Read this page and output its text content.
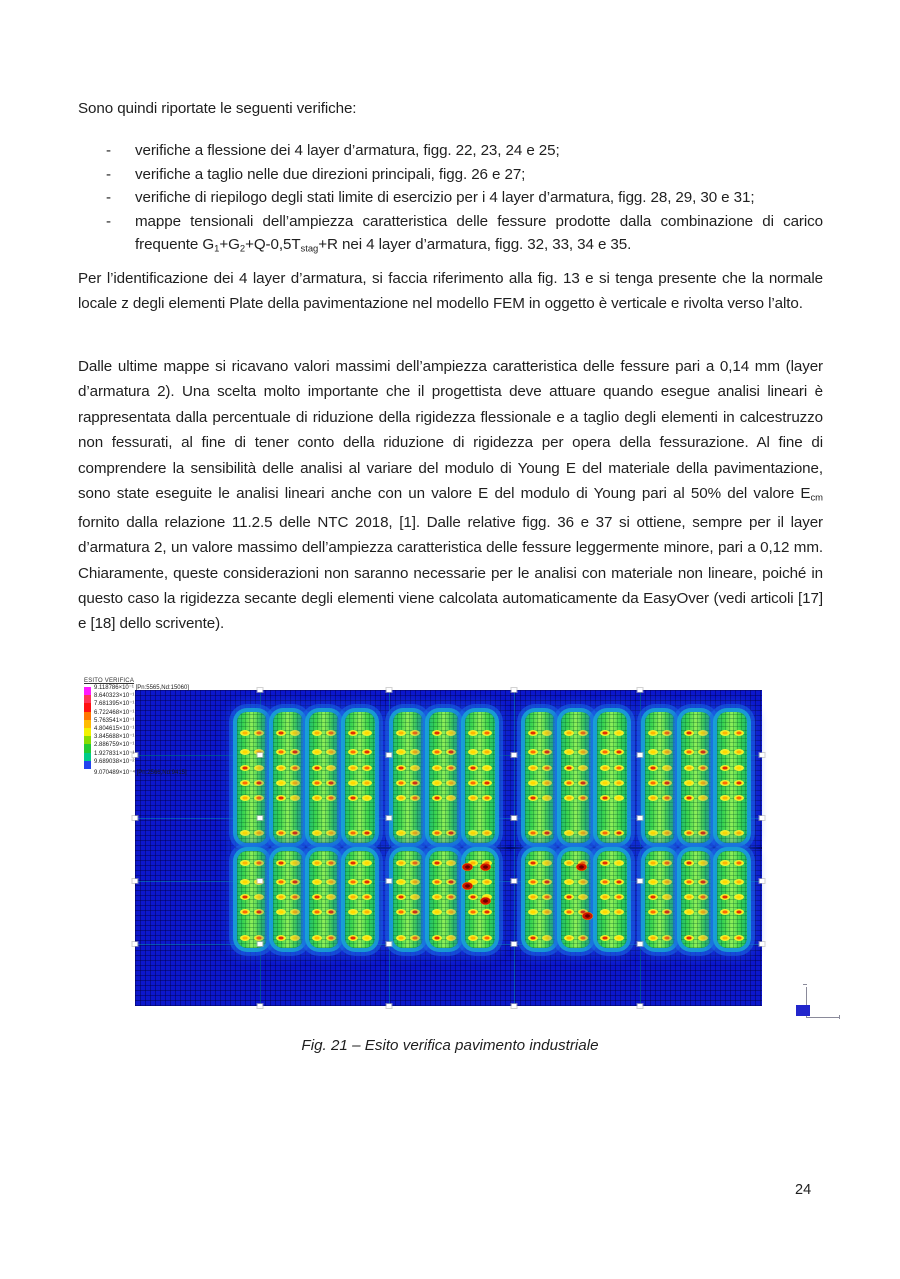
Sono quindi riportate le seguenti verifiche:
-	verifiche a flessione dei 4 layer d’armatura, figg. 22, 23, 24 e 25;
-	verifiche a taglio nelle due direzioni principali, figg. 26 e 27;
-	verifiche di riepilogo degli stati limite di esercizio per i 4 layer d’armatura, figg. 28, 29, 30 e 31;
-	mappe tensionali dell’ampiezza caratteristica delle fessure prodotte dalla combinazione di carico frequente $G_1+G_2+Q-0,5T_{stag}+R$ nei 4 layer d’armatura, figg. 32, 33, 34 e 35.
Per l’identificazione dei 4 layer d’armatura, si faccia riferimento alla fig. 13 e si tenga presente che la normale locale z degli elementi Plate della pavimentazione nel modello FEM in oggetto è verticale e rivolta verso l’alto.
Dalle ultime mappe si ricavano valori massimi dell’ampiezza caratteristica delle fessure pari a 0,14 mm (layer d’armatura 2). Una scelta molto importante che il progettista deve attuare quando esegue analisi lineari è rappresentata dalla percentuale di riduzione della rigidezza flessionale e a taglio degli elementi in calcestruzzo non fessurati, al fine di tener conto della riduzione di rigidezza per opera della fessurazione. Al fine di comprendere la sensibilità delle analisi al variare del modulo di Young E del materiale della pavimentazione, sono state eseguite le analisi lineari anche con un valore E del modulo di Young pari al 50% del valore $E_{cm}$ fornito dalla relazione 11.2.5 delle NTC 2018, [1]. Dalle relative figg. 36 e 37 si ottiene, sempre per il layer d’armatura 2, un valore massimo dell’ampiezza caratteristica delle fessure leggermente minore, pari a 0,12 mm. Chiaramente, queste considerazioni non saranno necessarie per le analisi con materiale non lineare, poiché in questo caso la rigidezza secante degli elementi viene calcolata automaticamente da EasyOver (vedi articoli [17] e [18] dello scrivente).
ESITO VERIFICA
9.118786×10⁻¹ [Pn:5565,Nd:15060]
8.640323×10⁻¹
7.681395×10⁻¹
6.722468×10⁻¹
5.763541×10⁻¹
4.804615×10⁻¹
3.845688×10⁻¹
2.886759×10⁻¹
1.927831×10⁻¹
9.689038×10⁻²
9.070489×10⁻⁴ [Pn:2566,Nd:9415]
Fig. 21 – Esito verifica pavimento industriale
24
